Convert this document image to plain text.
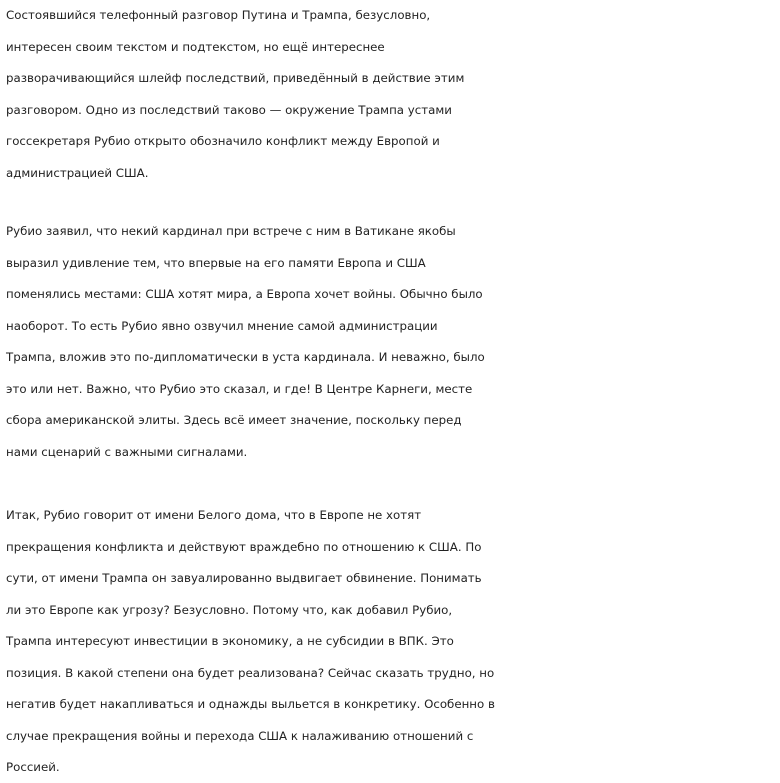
Состоявшийся телефонный разговор Путина и Трампа, безусловно,
интересен своим текстом и подтекстом, но ещё интереснее
разворачивающийся шлейф последствий, приведённый в действие этим
разговором. Одно из последствий таково — окружение Трампа устами
госсекретаря Рубио открыто обозначило конфликт между Европой и
администрацией США.
Рубио заявил, что некий кардинал при встрече с ним в Ватикане якобы
выразил удивление тем, что впервые на его памяти Европа и США
поменялись местами: США хотят мира, а Европа хочет войны. Обычно было
наоборот. То есть Рубио явно озвучил мнение самой администрации
Трампа, вложив это по-дипломатически в уста кардинала. И неважно, было
это или нет. Важно, что Рубио это сказал, и где! В Центре Карнеги, месте
сбора американской элиты. Здесь всё имеет значение, поскольку перед
нами сценарий с важными сигналами.
Итак, Рубио говорит от имени Белого дома, что в Европе не хотят
прекращения конфликта и действуют враждебно по отношению к США. По
сути, от имени Трампа он завуалированно выдвигает обвинение. Понимать
ли это Европе как угрозу? Безусловно. Потому что, как добавил Рубио,
Трампа интересуют инвестиции в экономику, а не субсидии в ВПК. Это
позиция. В какой степени она будет реализована? Сейчас сказать трудно, но
негатив будет накапливаться и однажды выльется в конкретику. Особенно в
случае прекращения войны и перехода США к налаживанию отношений с
Россией.
